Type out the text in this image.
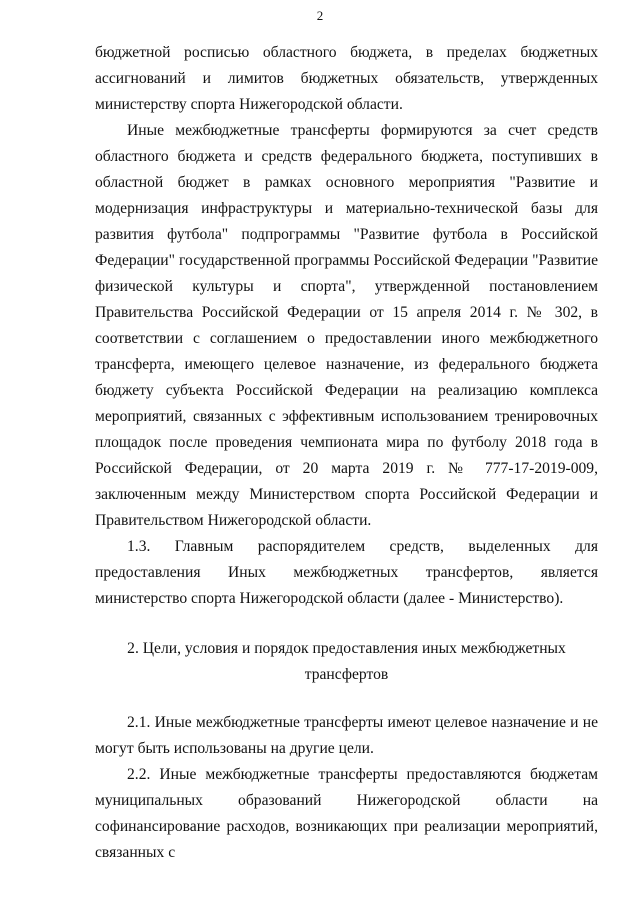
2

бюджетной росписью областного бюджета, в пределах бюджетных ассигнований и лимитов бюджетных обязательств, утвержденных министерству спорта Нижегородской области.

Иные межбюджетные трансферты формируются за счет средств областного бюджета и средств федерального бюджета, поступивших в областной бюджет в рамках основного мероприятия "Развитие и модернизация инфраструктуры и материально-технической базы для развития футбола" подпрограммы "Развитие футбола в Российской Федерации" государственной программы Российской Федерации "Развитие физической культуры и спорта", утвержденной постановлением Правительства Российской Федерации от 15 апреля 2014 г. № 302, в соответствии с соглашением о предоставлении иного межбюджетного трансферта, имеющего целевое назначение, из федерального бюджета бюджету субъекта Российской Федерации на реализацию комплекса мероприятий, связанных с эффективным использованием тренировочных площадок после проведения чемпионата мира по футболу 2018 года в Российской Федерации, от 20 марта 2019 г. № 777-17-2019-009, заключенным между Министерством спорта Российской Федерации и Правительством Нижегородской области.

1.3. Главным распорядителем средств, выделенных для предоставления Иных межбюджетных трансфертов, является министерство спорта Нижегородской области (далее - Министерство).

2. Цели, условия и порядок предоставления иных межбюджетных
трансфертов

2.1. Иные межбюджетные трансферты имеют целевое назначение и не могут быть использованы на другие цели.

2.2. Иные межбюджетные трансферты предоставляются бюджетам муниципальных образований Нижегородской области на софинансирование расходов, возникающих при реализации мероприятий, связанных с
